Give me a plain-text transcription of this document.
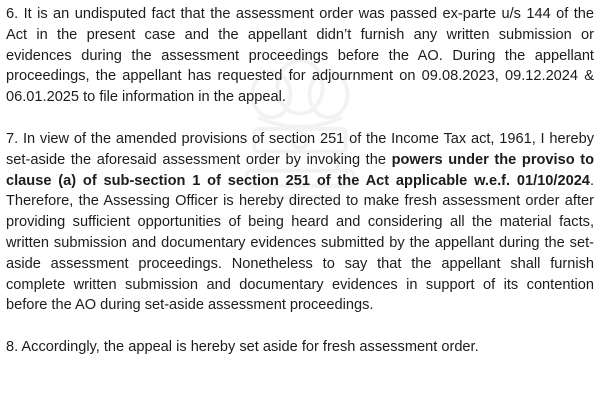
6. It is an undisputed fact that the assessment order was passed ex-parte u/s 144 of the Act in the present case and the appellant didn’t furnish any written submission or evidences during the assessment proceedings before the AO. During the appellant proceedings, the appellant has requested for adjournment on 09.08.2023, 09.12.2024 & 06.01.2025 to file information in the appeal.

7. In view of the amended provisions of section 251 of the Income Tax act, 1961, I hereby set-aside the aforesaid assessment order by invoking the powers under the proviso to clause (a) of sub-section 1 of section 251 of the Act applicable w.e.f. 01/10/2024. Therefore, the Assessing Officer is hereby directed to make fresh assessment order after providing sufficient opportunities of being heard and considering all the material facts, written submission and documentary evidences submitted by the appellant during the set-aside assessment proceedings. Nonetheless to say that the appellant shall furnish complete written submission and documentary evidences in support of its contention before the AO during set-aside assessment proceedings.

8. Accordingly, the appeal is hereby set aside for fresh assessment order.
